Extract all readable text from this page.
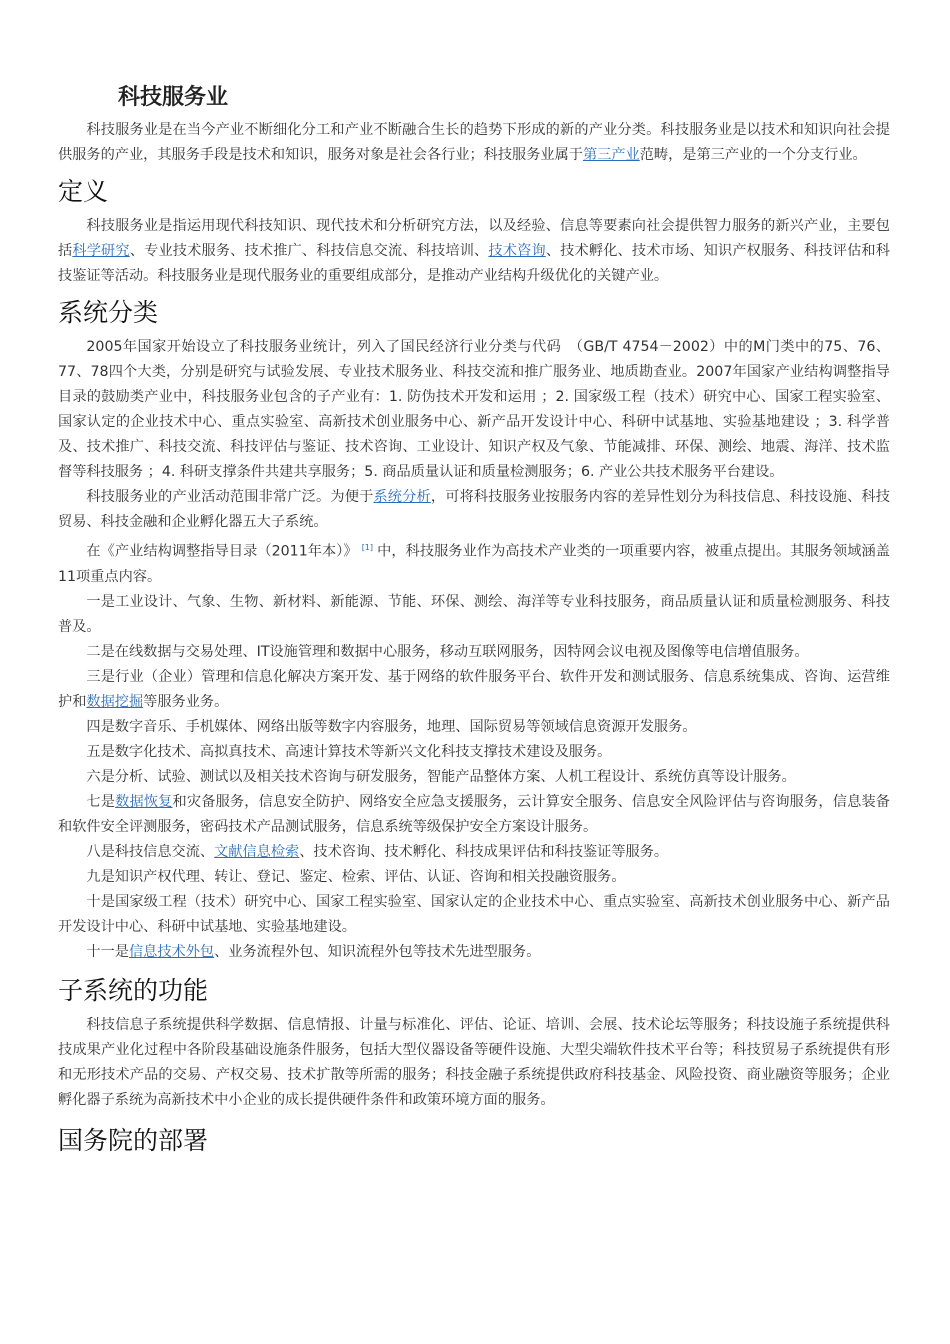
科技服务业

科技服务业是在当今产业不断细化分工和产业不断融合生长的趋势下形成的新的产业分类。科技服务业是以技术和知识向社会提供服务的产业，其服务手段是技术和知识，服务对象是社会各行业；科技服务业属于第三产业范畴，是第三产业的一个分支行业。

定义

科技服务业是指运用现代科技知识、现代技术和分析研究方法，以及经验、信息等要素向社会提供智力服务的新兴产业，主要包括科学研究、专业技术服务、技术推广、科技信息交流、科技培训、技术咨询、技术孵化、技术市场、知识产权服务、科技评估和科技鉴证等活动。科技服务业是现代服务业的重要组成部分，是推动产业结构升级优化的关键产业。

系统分类

2005年国家开始设立了科技服务业统计，列入了国民经济行业分类与代码　（GB/T 4754－2002）中的M门类中的75、76、77、78四个大类，分别是研究与试验发展、专业技术服务业、科技交流和推广服务业、地质勘查业。2007年国家产业结构调整指导目录的鼓励类产业中，科技服务业包含的子产业有：1. 防伪技术开发和运用 ；2. 国家级工程（技术）研究中心、国家工程实验室、国家认定的企业技术中心、重点实验室、高新技术创业服务中心、新产品开发设计中心、科研中试基地、实验基地建设 ；3. 科学普及、技术推广、科技交流、科技评估与鉴证、技术咨询、工业设计、知识产权及气象、节能减排、环保、测绘、地震、海洋、技术监督等科技服务 ；4. 科研支撑条件共建共享服务；5. 商品质量认证和质量检测服务；6. 产业公共技术服务平台建设。

科技服务业的产业活动范围非常广泛。为便于系统分析，可将科技服务业按服务内容的差异性划分为科技信息、科技设施、科技贸易、科技金融和企业孵化器五大子系统。

在《产业结构调整指导目录（2011年本）》 [1] 中，科技服务业作为高技术产业类的一项重要内容，被重点提出。其服务领域涵盖11项重点内容。

一是工业设计、气象、生物、新材料、新能源、节能、环保、测绘、海洋等专业科技服务，商品质量认证和质量检测服务、科技普及。

二是在线数据与交易处理、IT设施管理和数据中心服务，移动互联网服务，因特网会议电视及图像等电信增值服务。

三是行业（企业）管理和信息化解决方案开发、基于网络的软件服务平台、软件开发和测试服务、信息系统集成、咨询、运营维护和数据挖掘等服务业务。

四是数字音乐、手机媒体、网络出版等数字内容服务，地理、国际贸易等领域信息资源开发服务。

五是数字化技术、高拟真技术、高速计算技术等新兴文化科技支撑技术建设及服务。

六是分析、试验、测试以及相关技术咨询与研发服务，智能产品整体方案、人机工程设计、系统仿真等设计服务。

七是数据恢复和灾备服务，信息安全防护、网络安全应急支援服务，云计算安全服务、信息安全风险评估与咨询服务，信息装备和软件安全评测服务，密码技术产品测试服务，信息系统等级保护安全方案设计服务。

八是科技信息交流、文献信息检索、技术咨询、技术孵化、科技成果评估和科技鉴证等服务。

九是知识产权代理、转让、登记、鉴定、检索、评估、认证、咨询和相关投融资服务。

十是国家级工程（技术）研究中心、国家工程实验室、国家认定的企业技术中心、重点实验室、高新技术创业服务中心、新产品开发设计中心、科研中试基地、实验基地建设。

十一是信息技术外包、业务流程外包、知识流程外包等技术先进型服务。

子系统的功能

科技信息子系统提供科学数据、信息情报、计量与标准化、评估、论证、培训、会展、技术论坛等服务；科技设施子系统提供科技成果产业化过程中各阶段基础设施条件服务，包括大型仪器设备等硬件设施、大型尖端软件技术平台等；科技贸易子系统提供有形和无形技术产品的交易、产权交易、技术扩散等所需的服务；科技金融子系统提供政府科技基金、风险投资、商业融资等服务；企业孵化器子系统为高新技术中小企业的成长提供硬件条件和政策环境方面的服务。

国务院的部署
